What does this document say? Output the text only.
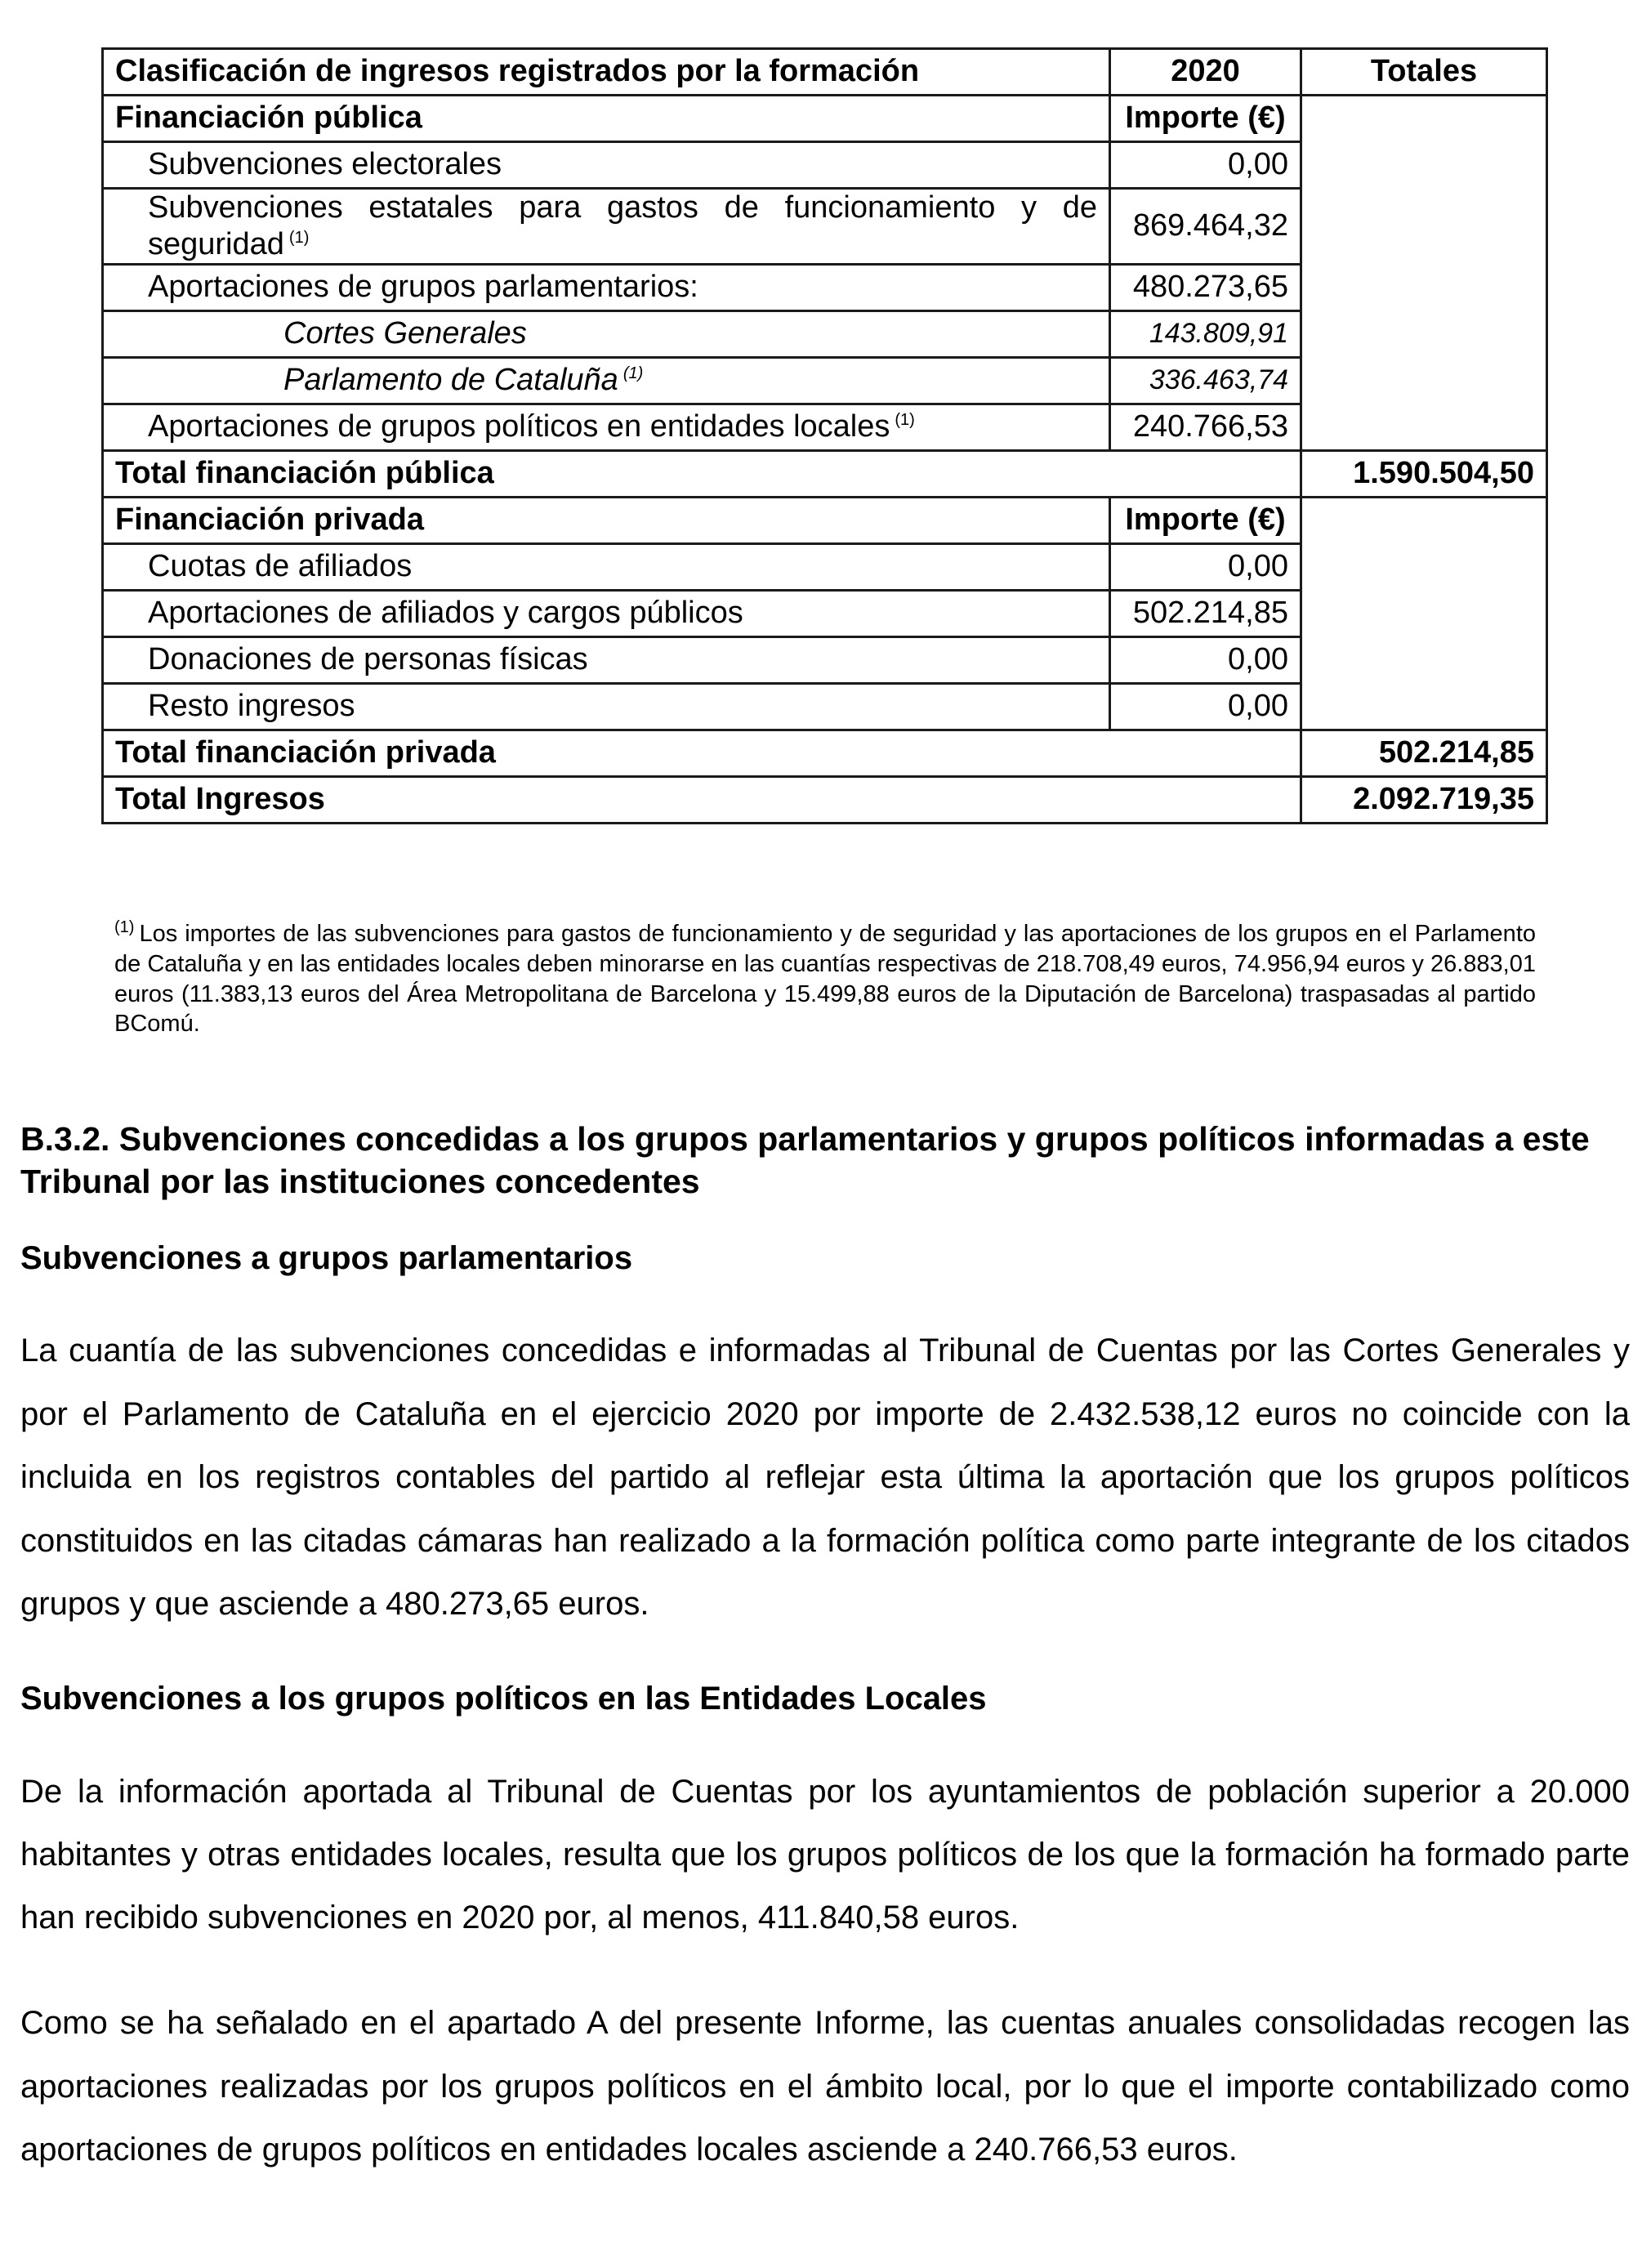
Clasificación de ingresos registrados por la formación	2020	Totales
Financiación pública	Importe (€)	
Subvenciones electorales	0,00	
Subvenciones estatales para gastos de funcionamiento y de seguridad $^{(1)}$	869.464,32	
Aportaciones de grupos parlamentarios:	480.273,65	
Cortes Generales	143.809,91	
Parlamento de Cataluña $^{(1)}$	336.463,74	
Aportaciones de grupos políticos en entidades locales $^{(1)}$	240.766,53	
Total financiación pública		1.590.504,50
Financiación privada	Importe (€)	
Cuotas de afiliados	0,00	
Aportaciones de afiliados y cargos públicos	502.214,85	
Donaciones de personas físicas	0,00	
Resto ingresos	0,00	
Total financiación privada		502.214,85
Total Ingresos		2.092.719,35
$^{(1)}$ Los importes de las subvenciones para gastos de funcionamiento y de seguridad y las aportaciones de los grupos en el Parlamento de Cataluña y en las entidades locales deben minorarse en las cuantías respectivas de 218.708,49 euros, 74.956,94 euros y 26.883,01 euros (11.383,13 euros del Área Metropolitana de Barcelona y 15.499,88 euros de la Diputación de Barcelona) traspasadas al partido BComú.
B.3.2. Subvenciones concedidas a los grupos parlamentarios y grupos políticos informadas a este Tribunal por las instituciones concedentes
Subvenciones a grupos parlamentarios
La cuantía de las subvenciones concedidas e informadas al Tribunal de Cuentas por las Cortes Generales y por el Parlamento de Cataluña en el ejercicio 2020 por importe de 2.432.538,12 euros no coincide con la incluida en los registros contables del partido al reflejar esta última la aportación que los grupos políticos constituidos en las citadas cámaras han realizado a la formación política como parte integrante de los citados grupos y que asciende a 480.273,65 euros.
Subvenciones a los grupos políticos en las Entidades Locales
De la información aportada al Tribunal de Cuentas por los ayuntamientos de población superior a 20.000 habitantes y otras entidades locales, resulta que los grupos políticos de los que la formación ha formado parte han recibido subvenciones en 2020 por, al menos, 411.840,58 euros.
Como se ha señalado en el apartado A del presente Informe, las cuentas anuales consolidadas recogen las aportaciones realizadas por los grupos políticos en el ámbito local, por lo que el importe contabilizado como aportaciones de grupos políticos en entidades locales asciende a 240.766,53 euros.
